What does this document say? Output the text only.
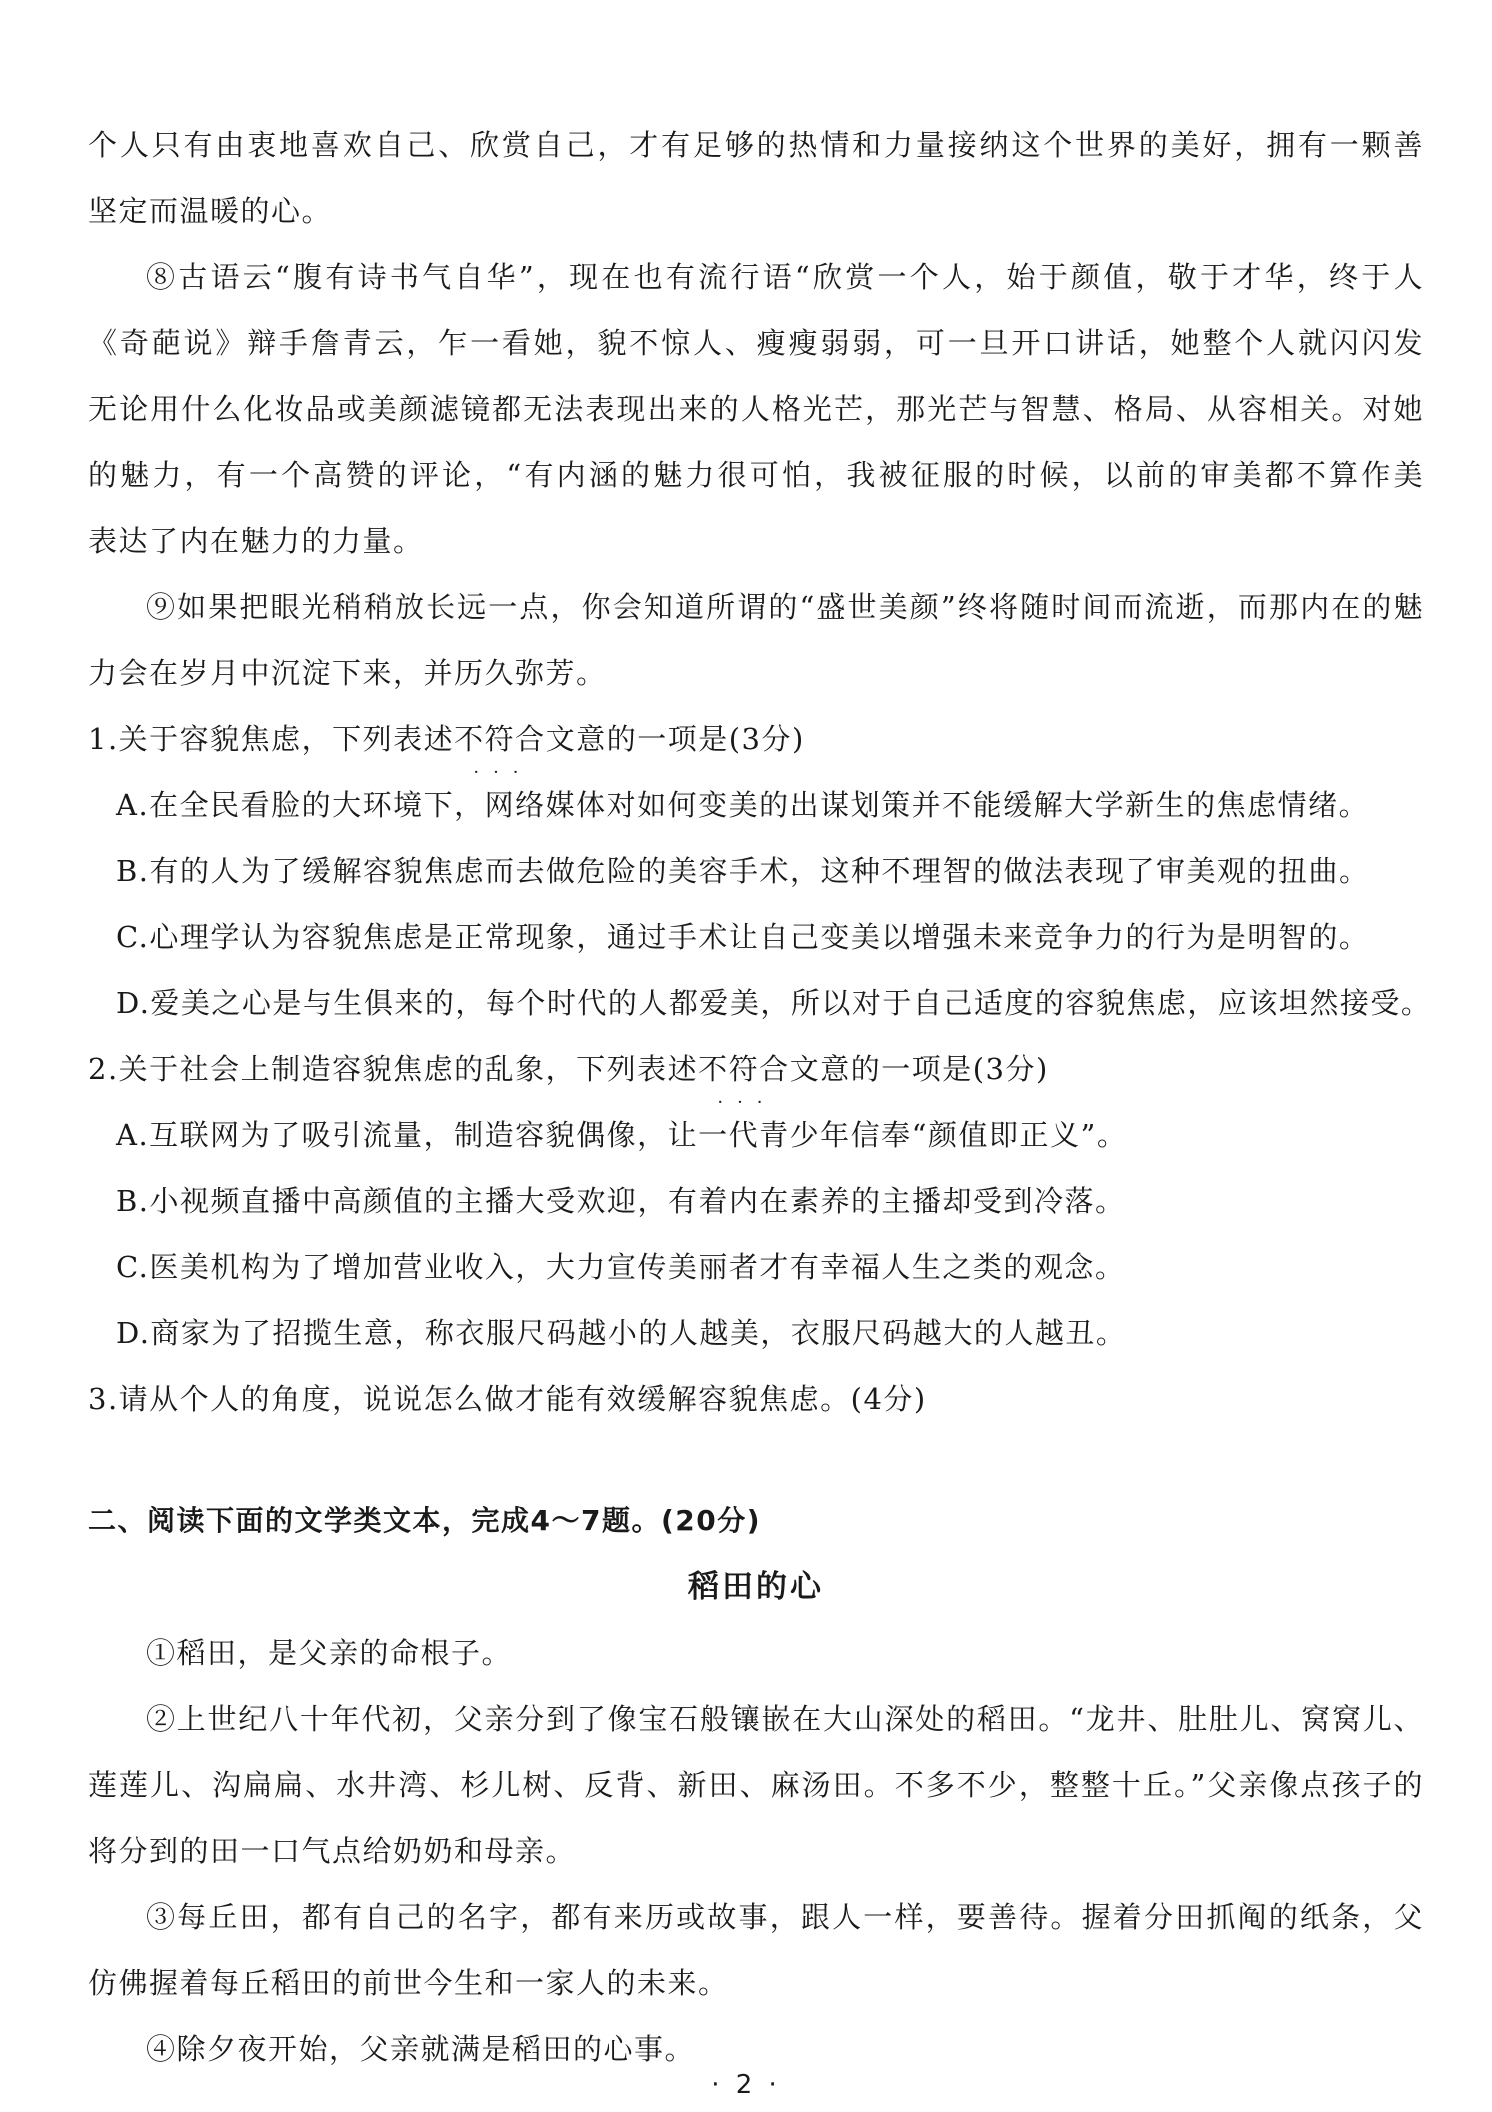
个人只有由衷地喜欢自己、欣赏自己，才有足够的热情和力量接纳这个世界的美好，拥有一颗善
坚定而温暖的心。
⑧古语云“腹有诗书气自华”，现在也有流行语“欣赏一个人，始于颜值，敬于才华，终于人
《奇葩说》辩手詹青云，乍一看她，貌不惊人、瘦瘦弱弱，可一旦开口讲话，她整个人就闪闪发
无论用什么化妆品或美颜滤镜都无法表现出来的人格光芒，那光芒与智慧、格局、从容相关。对她
的魅力，有一个高赞的评论，“有内涵的魅力很可怕，我被征服的时候，以前的审美都不算作美
表达了内在魅力的力量。
⑨如果把眼光稍稍放长远一点，你会知道所谓的“盛世美颜”终将随时间而流逝，而那内在的魅
力会在岁月中沉淀下来，并历久弥芳。
1.关于容貌焦虑，下列表述不符合
···
文意的一项是(3分)
A.在全民看脸的大环境下，网络媒体对如何变美的出谋划策并不能缓解大学新生的焦虑情绪。
B.有的人为了缓解容貌焦虑而去做危险的美容手术，这种不理智的做法表现了审美观的扭曲。
C.心理学认为容貌焦虑是正常现象，通过手术让自己变美以增强未来竞争力的行为是明智的。
D.爱美之心是与生俱来的，每个时代的人都爱美，所以对于自己适度的容貌焦虑，应该坦然接受。
2.关于社会上制造容貌焦虑的乱象，下列表述不符合
···
文意的一项是(3分)
A.互联网为了吸引流量，制造容貌偶像，让一代青少年信奉“颜值即正义”。
B.小视频直播中高颜值的主播大受欢迎，有着内在素养的主播却受到冷落。
C.医美机构为了增加营业收入，大力宣传美丽者才有幸福人生之类的观念。
D.商家为了招揽生意，称衣服尺码越小的人越美，衣服尺码越大的人越丑。
3.请从个人的角度，说说怎么做才能有效缓解容貌焦虑。(4分)
二、阅读下面的文学类文本，完成4～7题。(20分)
稻田的心
①稻田，是父亲的命根子。
②上世纪八十年代初，父亲分到了像宝石般镶嵌在大山深处的稻田。“龙井、肚肚儿、窝窝儿、
莲莲儿、沟扁扁、水井湾、杉儿树、反背、新田、麻汤田。不多不少，整整十丘。”父亲像点孩子的
将分到的田一口气点给奶奶和母亲。
③每丘田，都有自己的名字，都有来历或故事，跟人一样，要善待。握着分田抓阄的纸条，父
仿佛握着每丘稻田的前世今生和一家人的未来。
④除夕夜开始，父亲就满是稻田的心事。
· 2 ·
